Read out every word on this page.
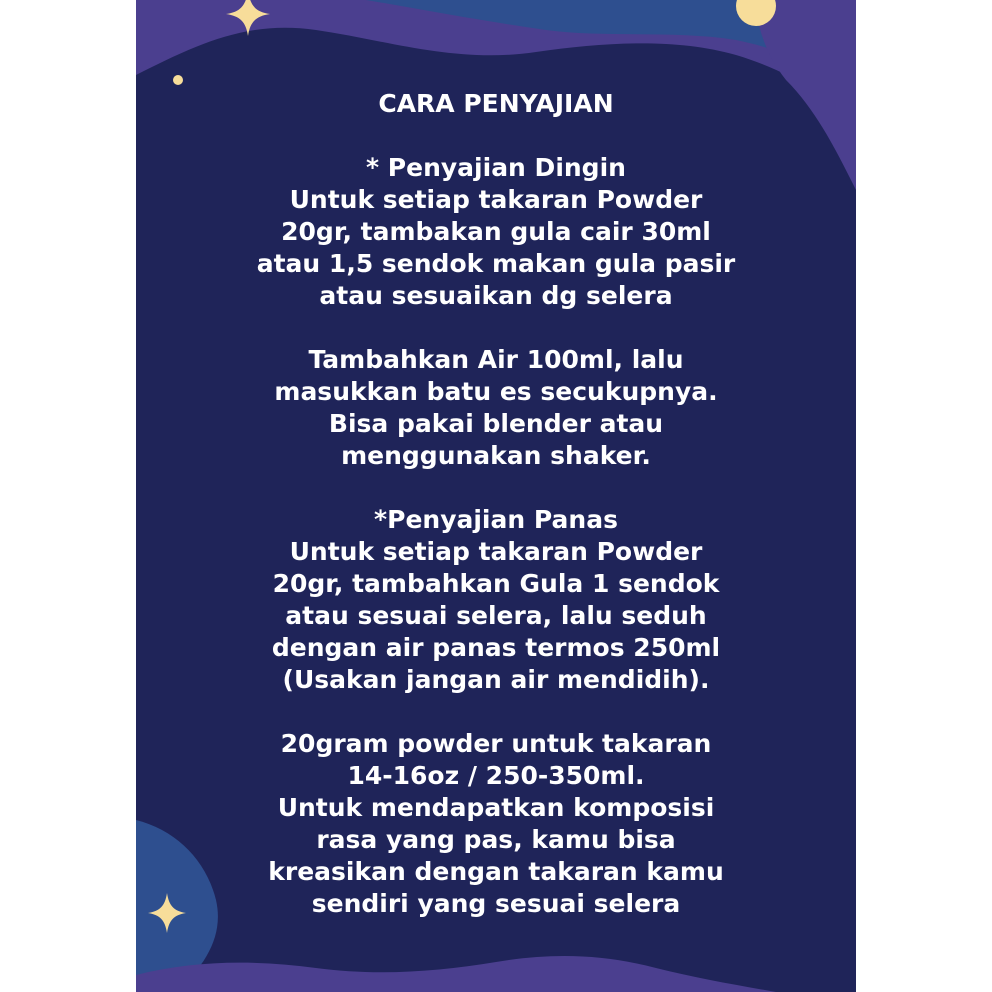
CARA PENYAJIAN
* Penyajian Dingin
Untuk setiap takaran Powder
20gr, tambakan gula cair 30ml
atau 1,5 sendok makan gula pasir
atau sesuaikan dg selera
Tambahkan Air 100ml, lalu
masukkan batu es secukupnya.
Bisa pakai blender atau
menggunakan shaker.
*Penyajian Panas
Untuk setiap takaran Powder
20gr, tambahkan Gula 1 sendok
atau sesuai selera, lalu seduh
dengan air panas termos 250ml
(Usakan jangan air mendidih).
20gram powder untuk takaran
14-16oz / 250-350ml.
Untuk mendapatkan komposisi
rasa yang pas, kamu bisa
kreasikan dengan takaran kamu
sendiri yang sesuai selera
